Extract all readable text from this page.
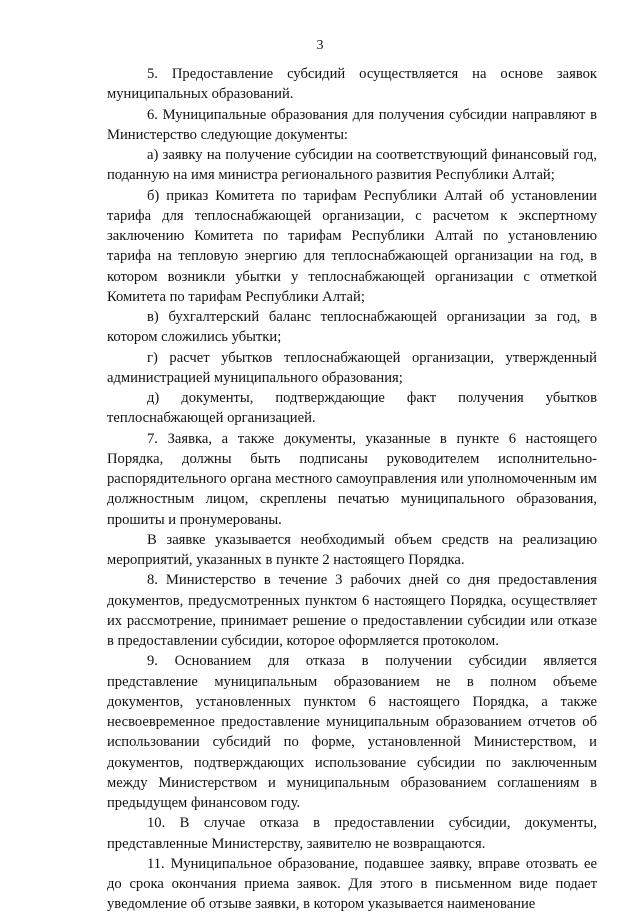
3

5. Предоставление субсидий осуществляется на основе заявок муниципальных образований.

6. Муниципальные образования для получения субсидии направляют в Министерство следующие документы:

а) заявку на получение субсидии на соответствующий финансовый год, поданную на имя министра регионального развития Республики Алтай;

б) приказ Комитета по тарифам Республики Алтай об установлении тарифа для теплоснабжающей организации, с расчетом к экспертному заключению Комитета по тарифам Республики Алтай по установлению тарифа на тепловую энергию для теплоснабжающей организации на год, в котором возникли убытки у теплоснабжающей организации с отметкой Комитета по тарифам Республики Алтай;

в) бухгалтерский баланс теплоснабжающей организации за год, в котором сложились убытки;

г) расчет убытков теплоснабжающей организации, утвержденный администрацией муниципального образования;

д) документы, подтверждающие факт получения убытков теплоснабжающей организацией.

7. Заявка, а также документы, указанные в пункте 6 настоящего Порядка, должны быть подписаны руководителем исполнительно-распорядительного органа местного самоуправления или уполномоченным им должностным лицом, скреплены печатью муниципального образования, прошиты и пронумерованы.

В заявке указывается необходимый объем средств на реализацию мероприятий, указанных в пункте 2 настоящего Порядка.

8. Министерство в течение 3 рабочих дней со дня предоставления документов, предусмотренных пунктом 6 настоящего Порядка, осуществляет их рассмотрение, принимает решение о предоставлении субсидии или отказе в предоставлении субсидии, которое оформляется протоколом.

9. Основанием для отказа в получении субсидии является представление муниципальным образованием не в полном объеме документов, установленных пунктом 6 настоящего Порядка, а также несвоевременное предоставление муниципальным образованием отчетов об использовании субсидий по форме, установленной Министерством, и документов, подтверждающих использование субсидии по заключенным между Министерством и муниципальным образованием соглашениям в предыдущем финансовом году.

10. В случае отказа в предоставлении субсидии, документы, представленные Министерству, заявителю не возвращаются.

11. Муниципальное образование, подавшее заявку, вправе отозвать ее до срока окончания приема заявок. Для этого в письменном виде подает уведомление об отзыве заявки, в котором указывается наименование
